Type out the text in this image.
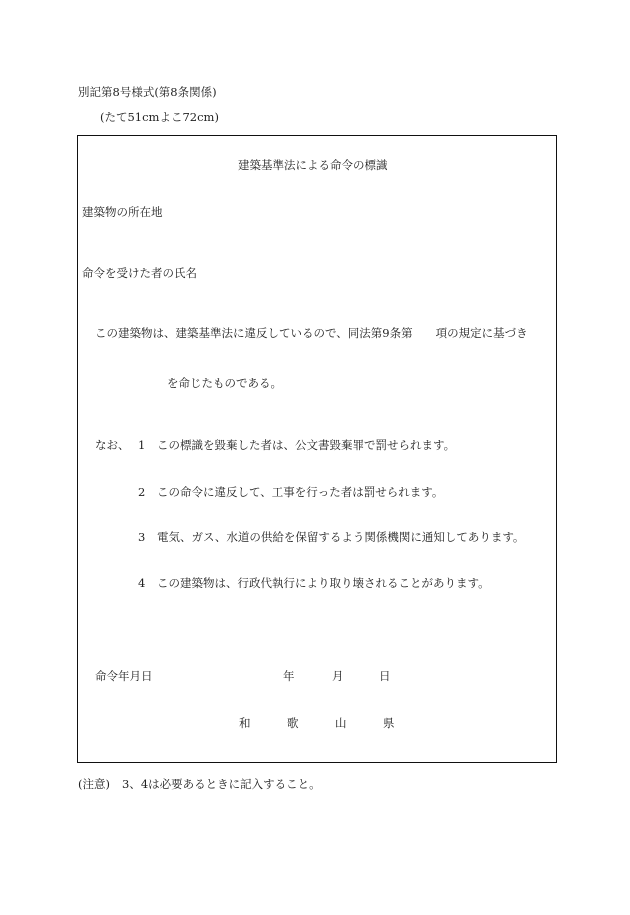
別記第8号様式(第8条関係)
(たて51cmよこ72cm)
建築基準法による命令の標識
建築物の所在地
命令を受けた者の氏名
この建築物は、建築基準法に違反しているので、同法第9条第　　項の規定に基づき
を命じたものである。
なお、 1 この標識を毀棄した者は、公文書毀棄罪で罰せられます。
2 この命令に違反して、工事を行った者は罰せられます。
3 電気、ガス、水道の供給を保留するよう関係機関に通知してあります。
4 この建築物は、行政代執行により取り壊されることがあります。
命令年月日	年	月	日
和	歌	山	県
(注意) 3、4は必要あるときに記入すること。
